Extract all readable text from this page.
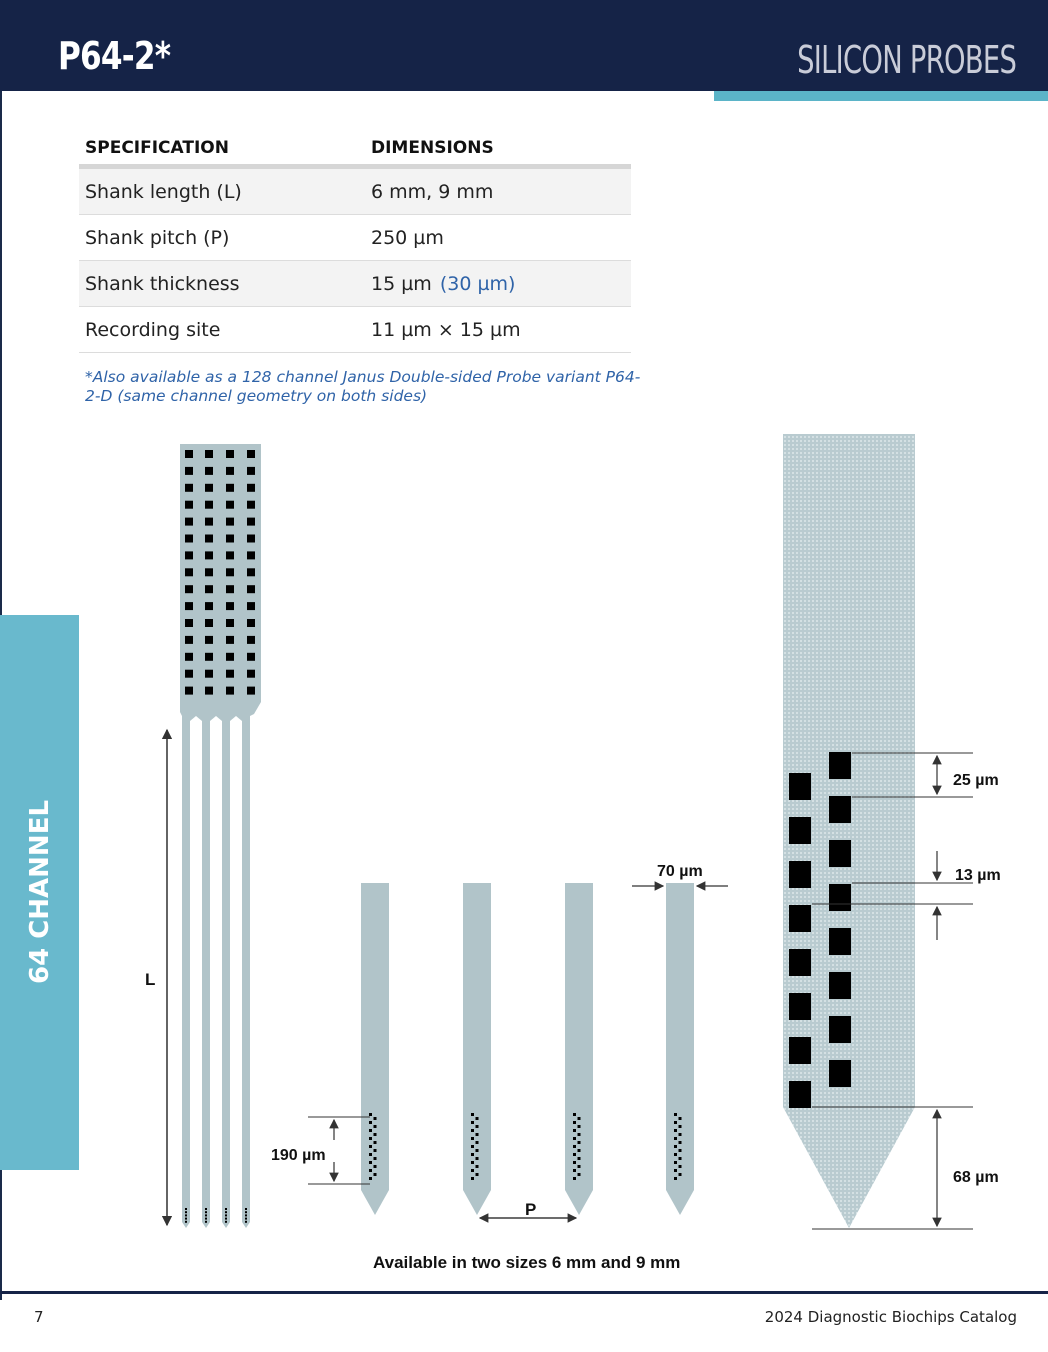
P64-2*	SILICON PROBES
SPECIFICATION	DIMENSIONS
Shank length (L)	6 mm, 9 mm
Shank pitch (P)	250 µm
Shank thickness	15 µm (30 µm)
Recording site	11 µm × 15 µm
*Also available as a 128 channel Janus Double-sided Probe variant P64-2-D (same channel geometry on both sides)
64 CHANNEL	L
190 µm
P
70 µm
25 µm
13 µm
68 µm
Available in two sizes 6 mm and 9 mm
7	2024 Diagnostic Biochips Catalog
